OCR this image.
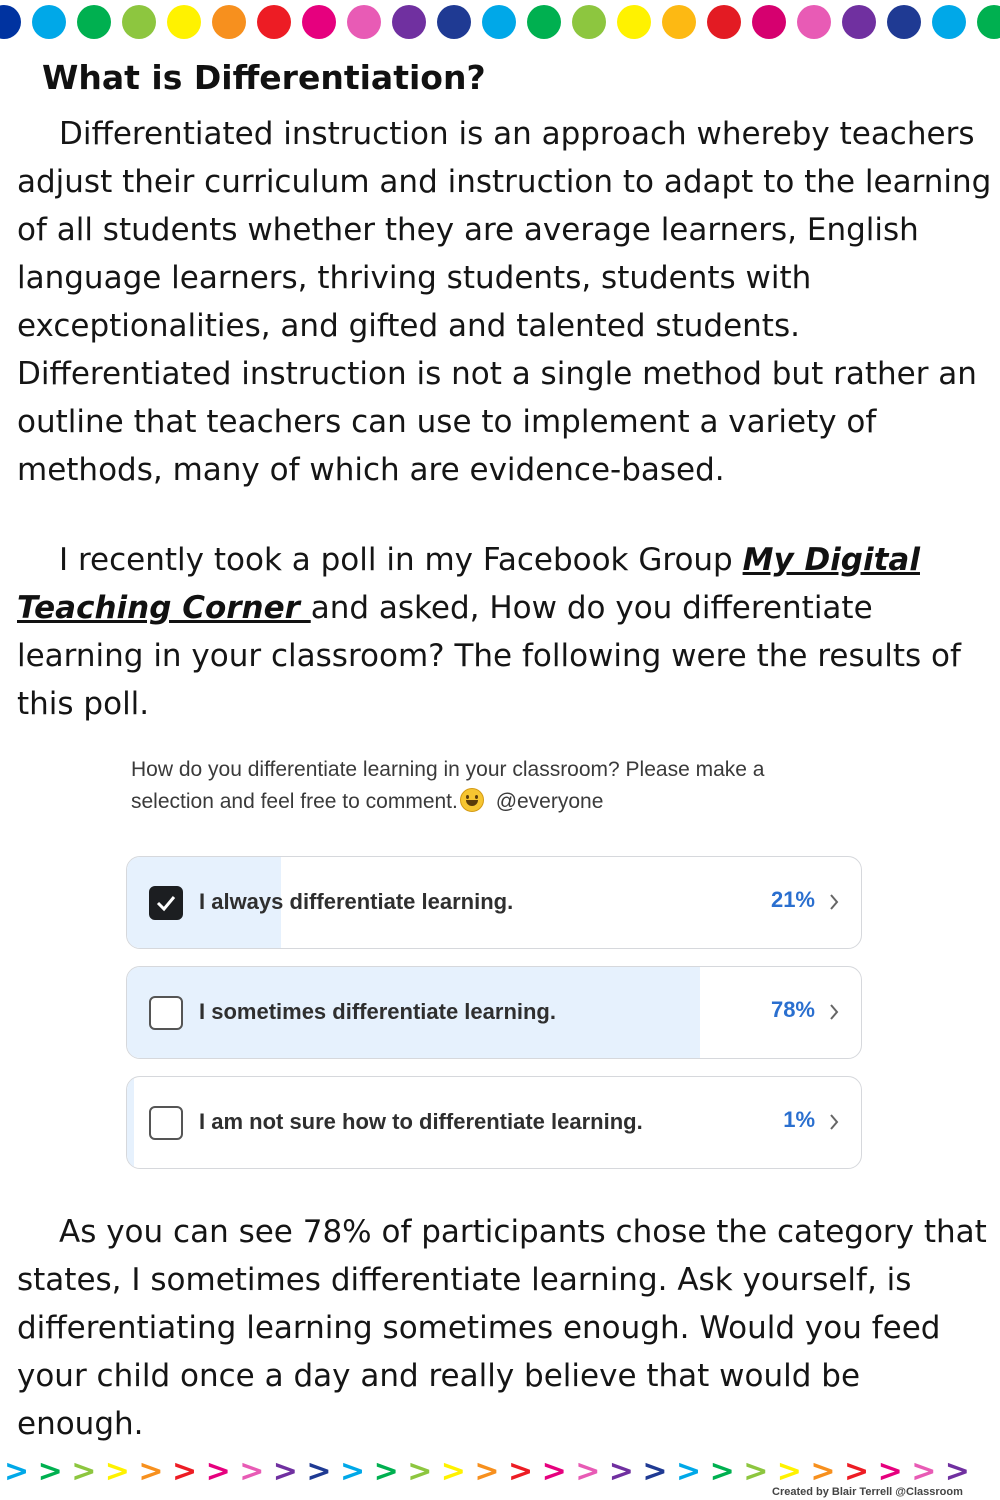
What is Differentiation?

Differentiated instruction is an approach whereby teachers adjust their curriculum and instruction to adapt to the learning of all students whether they are average learners, English language learners, thriving students, students with exceptionalities, and gifted and talented students. Differentiated instruction is not a single method but rather an outline that teachers can use to implement a variety of methods, many of which are evidence-based.

I recently took a poll in my Facebook Group My Digital Teaching Corner and asked, How do you differentiate learning in your classroom? The following were the results of this poll.

How do you differentiate learning in your classroom? Please make a selection and feel free to comment. @everyone
I always differentiate learning.	21%
I sometimes differentiate learning.	78%
I am not sure how to differentiate learning.	1%

As you can see 78% of participants chose the category that states, I sometimes differentiate learning. Ask yourself, is differentiating learning sometimes enough. Would you feed your child once a day and really believe that would be enough.

> > > > > > > > > > > > > > > > > > > > > > > > > > > > >
Created by Blair Terrell @Classroom
